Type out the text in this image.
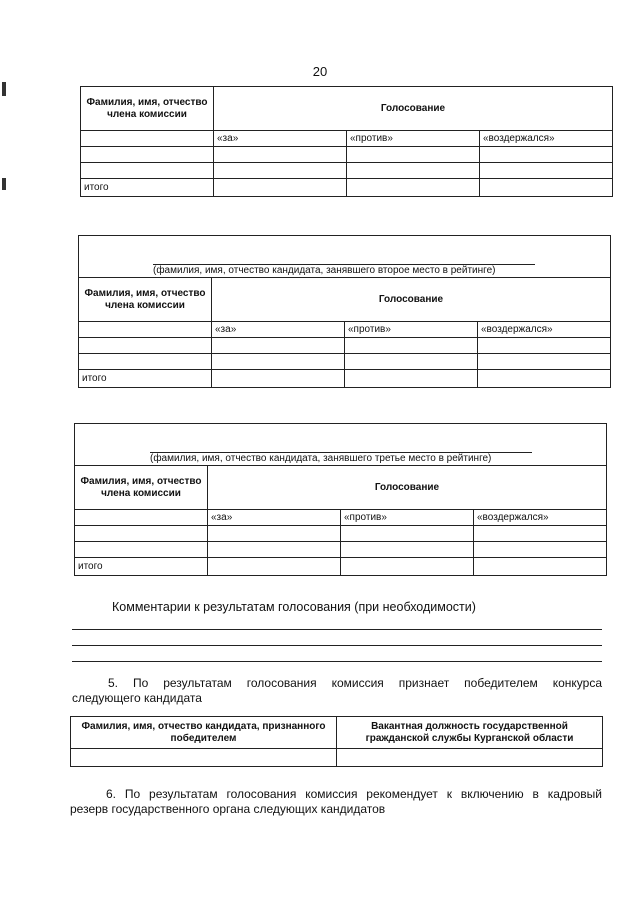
20
Фамилия, имя, отчество члена комиссии	Голосование		

	«за»	«против»	«воздержался»

итого			
(фамилия, имя, отчество кандидата, занявшего второе место в рейтинге)
Фамилия, имя, отчество члена комиссии	Голосование		

	«за»	«против»	«воздержался»

итого			
(фамилия, имя, отчество кандидата, занявшего третье место в рейтинге)
Фамилия, имя, отчество члена комиссии	Голосование		

	«за»	«против»	«воздержался»

итого			
Комментарии к результатам голосования (при необходимости)
5. По результатам голосования комиссия признает победителем конкурса
следующего кандидата
Фамилия, имя, отчество кандидата, признанного победителем	Вакантная должность государственной гражданской службы Курганской области

6. По результатам голосования комиссия рекомендует к включению в кадровый
резерв государственного органа следующих кандидатов
